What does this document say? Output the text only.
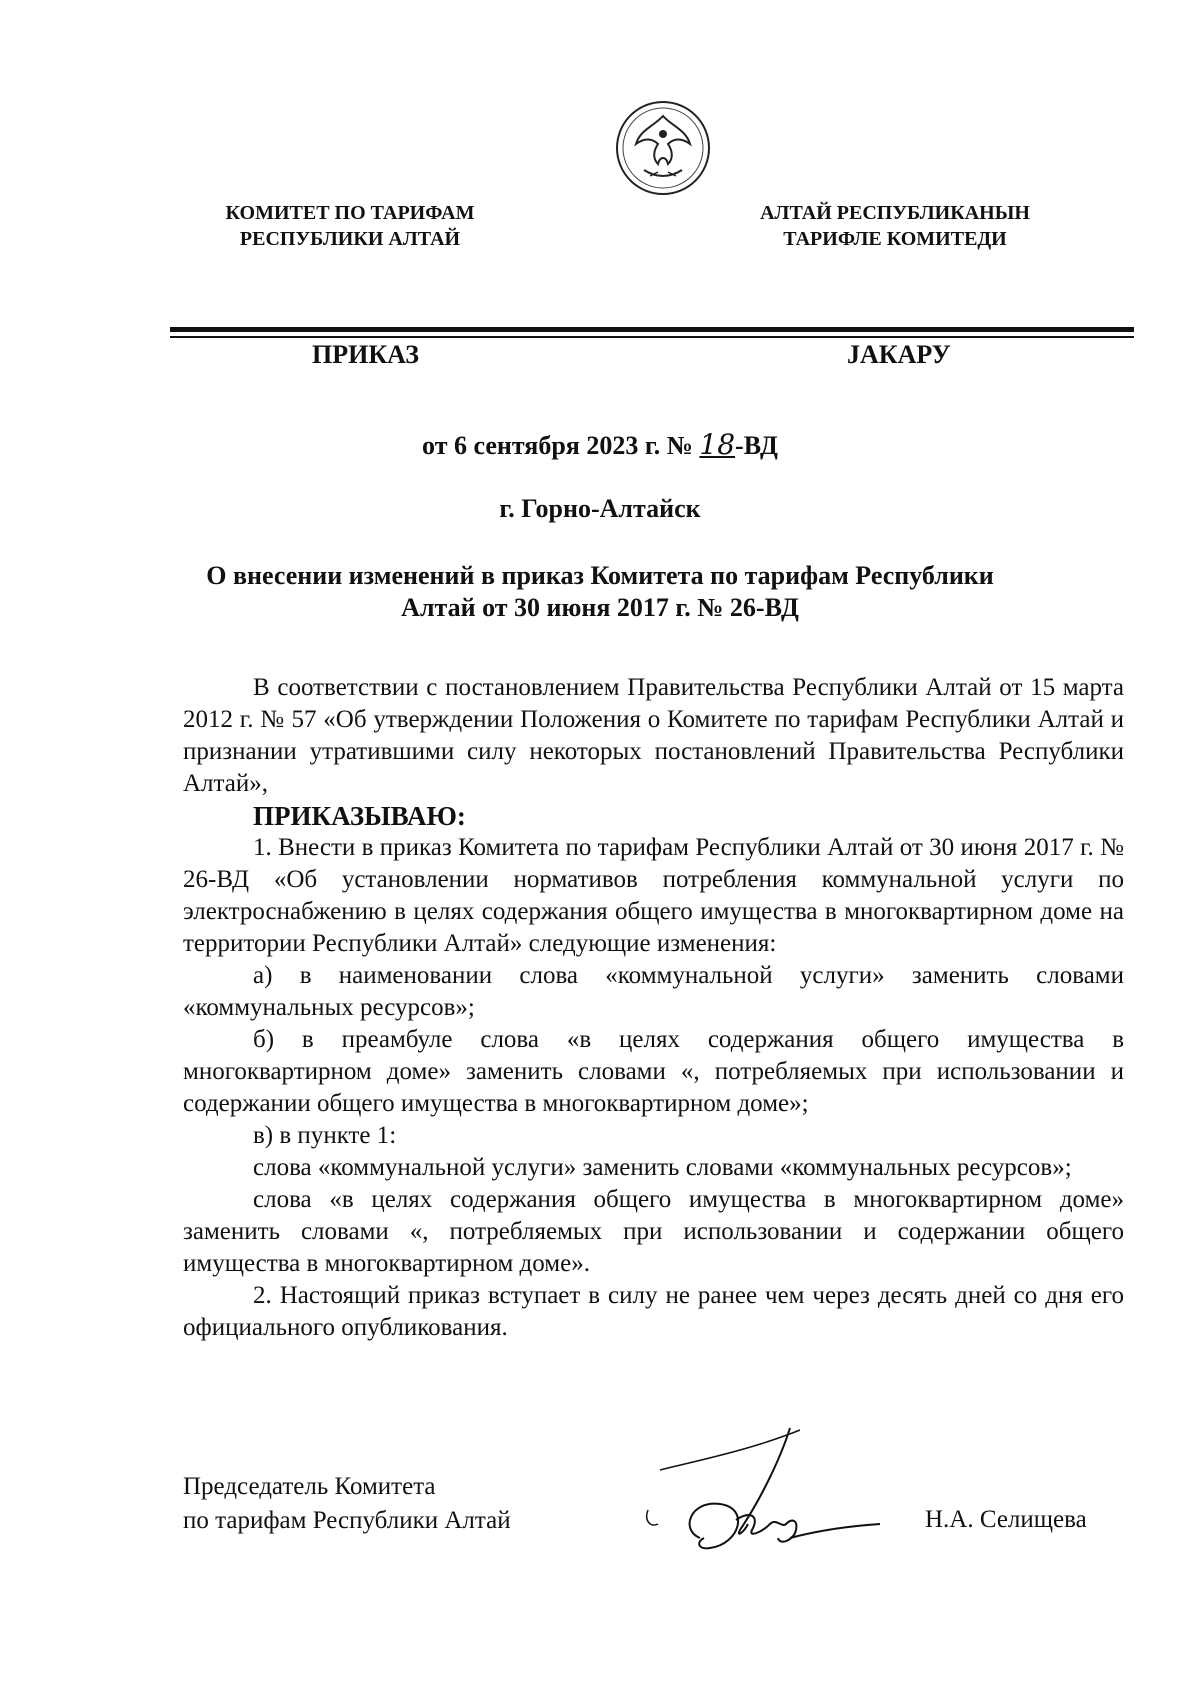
КОМИТЕТ ПО ТАРИФАМ
РЕСПУБЛИКИ АЛТАЙ
АЛТАЙ РЕСПУБЛИКАНЫН
ТАРИФЛЕ КОМИТЕДИ
ПРИКАЗ	JАКАРУ
от 6 сентября 2023 г. № 18-ВД
г. Горно-Алтайск
О внесении изменений в приказ Комитета по тарифам Республики
Алтай от 30 июня 2017 г. № 26-ВД

В соответствии с постановлением Правительства Республики Алтай от 15 марта 2012 г. № 57 «Об утверждении Положения о Комитете по тарифам Республики Алтай и признании утратившими силу некоторых постановлений Правительства Республики Алтай»,

ПРИКАЗЫВАЮ:

1. Внести в приказ Комитета по тарифам Республики Алтай от 30 июня 2017 г. № 26-ВД «Об установлении нормативов потребления коммунальной услуги по электроснабжению в целях содержания общего имущества в многоквартирном доме на территории Республики Алтай» следующие изменения:

а) в наименовании слова «коммунальной услуги» заменить словами «коммунальных ресурсов»;

б) в преамбуле слова «в целях содержания общего имущества в многоквартирном доме» заменить словами «, потребляемых при использовании и содержании общего имущества в многоквартирном доме»;

в) в пункте 1:

слова «коммунальной услуги» заменить словами «коммунальных ресурсов»;

слова «в целях содержания общего имущества в многоквартирном доме» заменить словами «, потребляемых при использовании и содержании общего имущества в многоквартирном доме».

2. Настоящий приказ вступает в силу не ранее чем через десять дней со дня его официального опубликования.

Председатель Комитета
по тарифам Республики Алтай	Н.А. Селищева
